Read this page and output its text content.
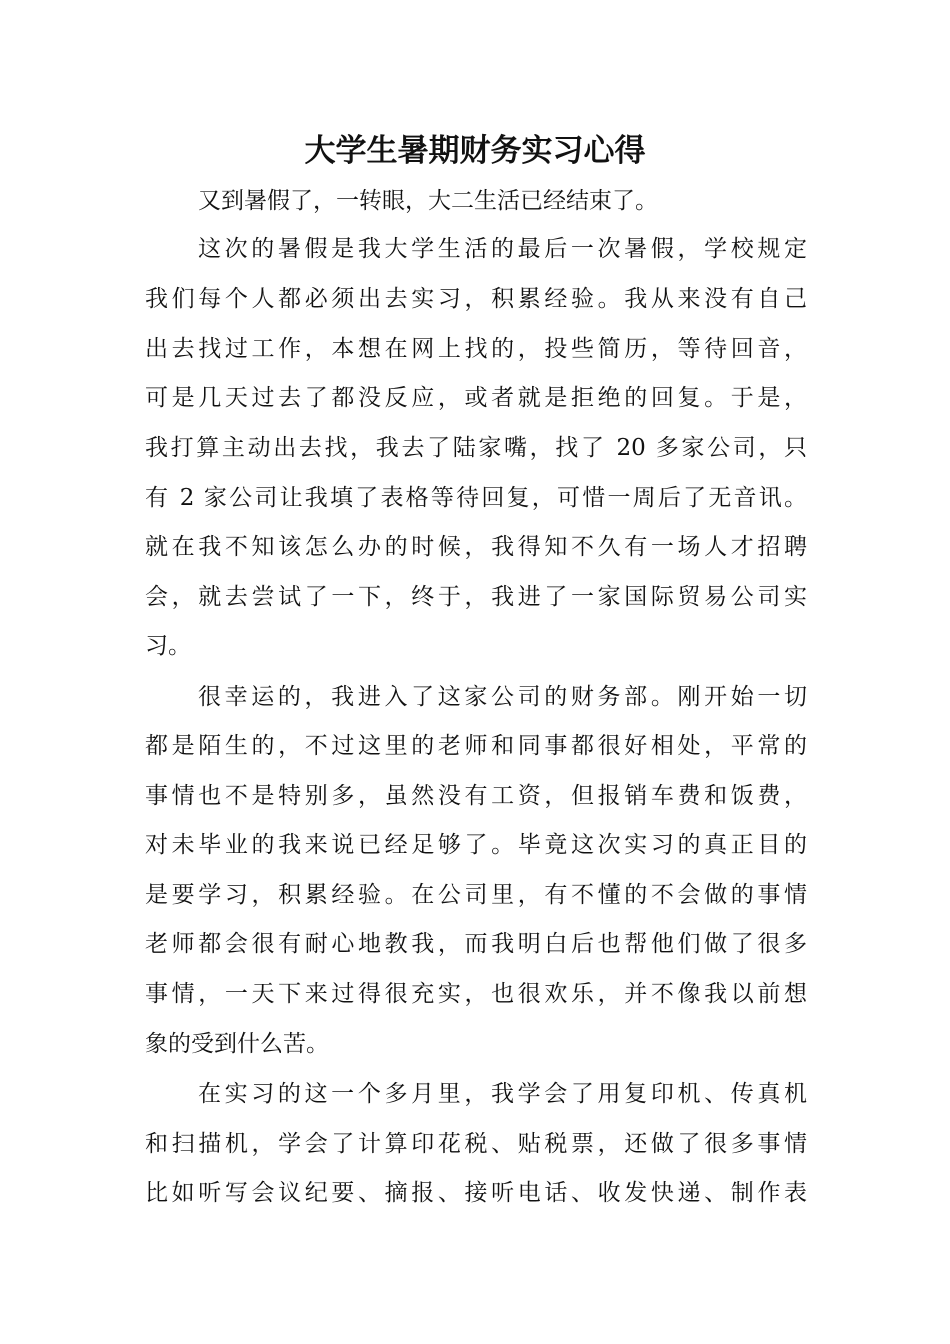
大学生暑期财务实习心得

又到暑假了，一转眼，大二生活已经结束了。

这次的暑假是我大学生活的最后一次暑假，学校规定

我们每个人都必须出去实习，积累经验。我从来没有自己

出去找过工作，本想在网上找的，投些简历，等待回音，

可是几天过去了都没反应，或者就是拒绝的回复。于是，

我打算主动出去找，我去了陆家嘴，找了 20 多家公司，只

有 2 家公司让我填了表格等待回复，可惜一周后了无音讯。

就在我不知该怎么办的时候，我得知不久有一场人才招聘

会，就去尝试了一下，终于，我进了一家国际贸易公司实

习。

很幸运的，我进入了这家公司的财务部。刚开始一切

都是陌生的，不过这里的老师和同事都很好相处，平常的

事情也不是特别多，虽然没有工资，但报销车费和饭费，

对未毕业的我来说已经足够了。毕竟这次实习的真正目的

是要学习，积累经验。在公司里，有不懂的不会做的事情

老师都会很有耐心地教我，而我明白后也帮他们做了很多

事情，一天下来过得很充实，也很欢乐，并不像我以前想

象的受到什么苦。

在实习的这一个多月里，我学会了用复印机、传真机

和扫描机，学会了计算印花税、贴税票，还做了很多事情

比如听写会议纪要、摘报、接听电话、收发快递、制作表
